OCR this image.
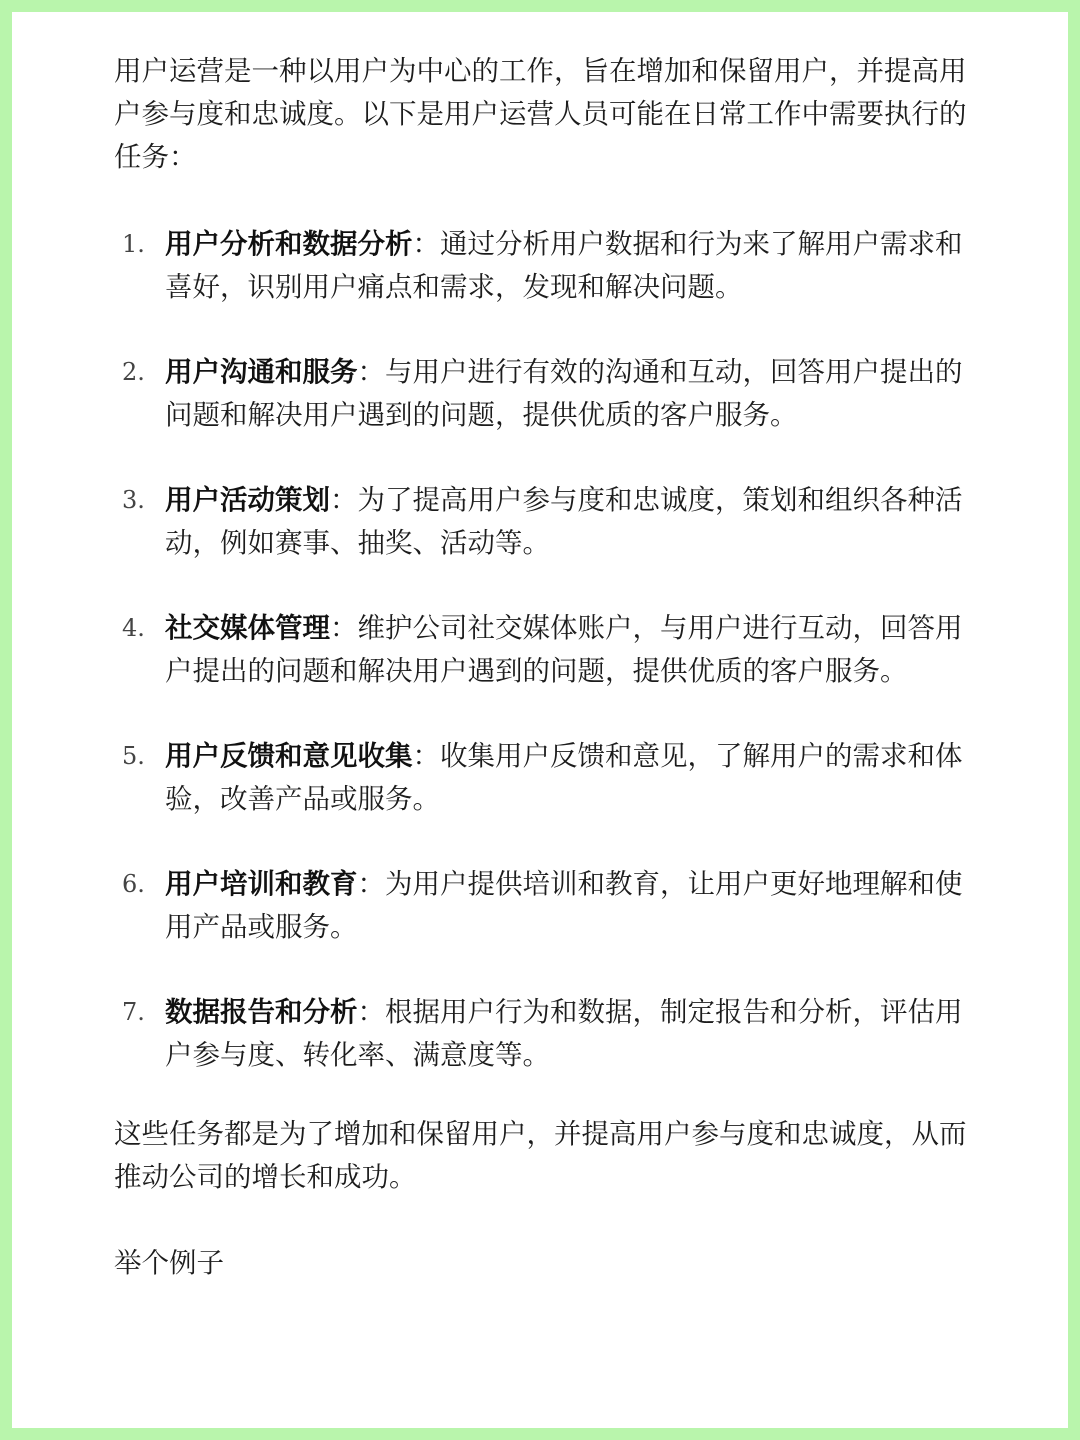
用户运营是一种以用户为中心的工作，旨在增加和保留用户，并提高用户参与度和忠诚度。以下是用户运营人员可能在日常工作中需要执行的任务：

1. 用户分析和数据分析：通过分析用户数据和行为来了解用户需求和喜好，识别用户痛点和需求，发现和解决问题。
2. 用户沟通和服务：与用户进行有效的沟通和互动，回答用户提出的问题和解决用户遇到的问题，提供优质的客户服务。
3. 用户活动策划：为了提高用户参与度和忠诚度，策划和组织各种活动，例如赛事、抽奖、活动等。
4. 社交媒体管理：维护公司社交媒体账户，与用户进行互动，回答用户提出的问题和解决用户遇到的问题，提供优质的客户服务。
5. 用户反馈和意见收集：收集用户反馈和意见，了解用户的需求和体验，改善产品或服务。
6. 用户培训和教育：为用户提供培训和教育，让用户更好地理解和使用产品或服务。
7. 数据报告和分析：根据用户行为和数据，制定报告和分析，评估用户参与度、转化率、满意度等。

这些任务都是为了增加和保留用户，并提高用户参与度和忠诚度，从而推动公司的增长和成功。

举个例子
